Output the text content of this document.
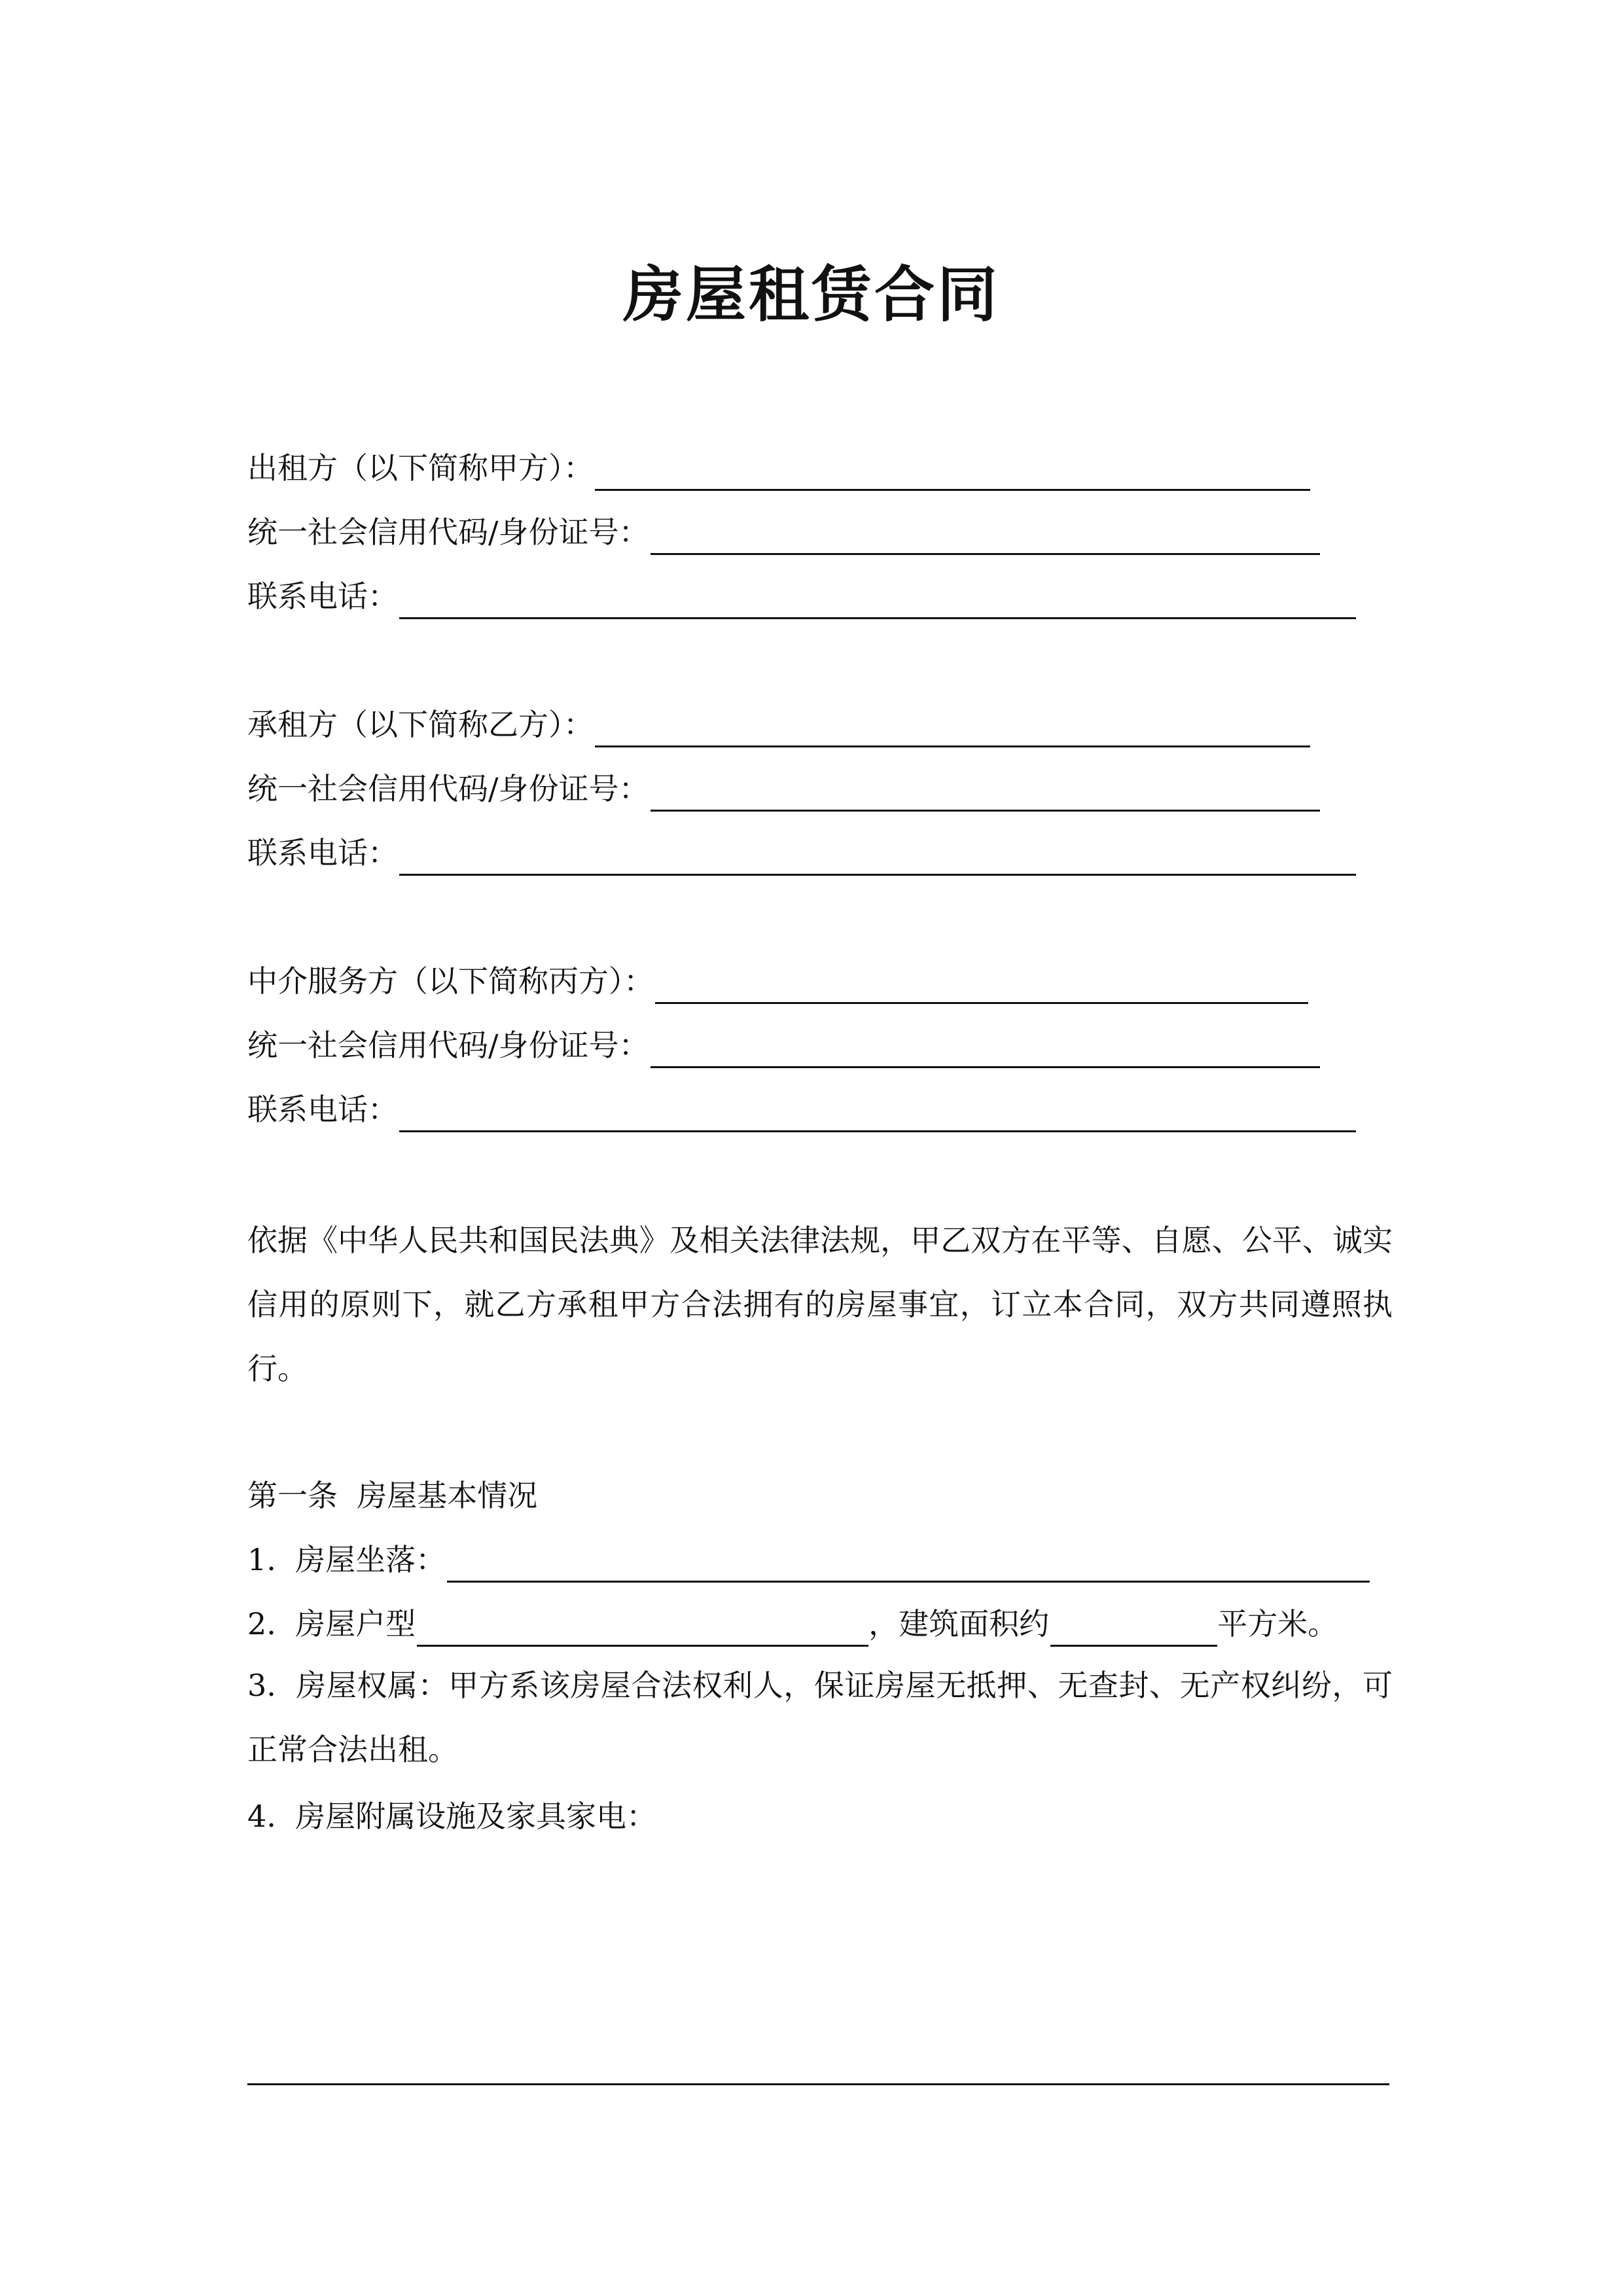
房屋租赁合同
出租方（以下简称甲方）：
统一社会信用代码/身份证号：
联系电话：
承租方（以下简称乙方）：
统一社会信用代码/身份证号：
联系电话：
中介服务方（以下简称丙方）：
统一社会信用代码/身份证号：
联系电话：
依据《中华人民共和国民法典》及相关法律法规，甲乙双方在平等、自愿、公平、诚实信用的原则下，就乙方承租甲方合法拥有的房屋事宜，订立本合同，双方共同遵照执行。
第一条  房屋基本情况
1.  房屋坐落：
2.  房屋户型	，建筑面积约	平方米。
3.  房屋权属：甲方系该房屋合法权利人，保证房屋无抵押、无查封、无产权纠纷，可正常合法出租。
4.  房屋附属设施及家具家电：
